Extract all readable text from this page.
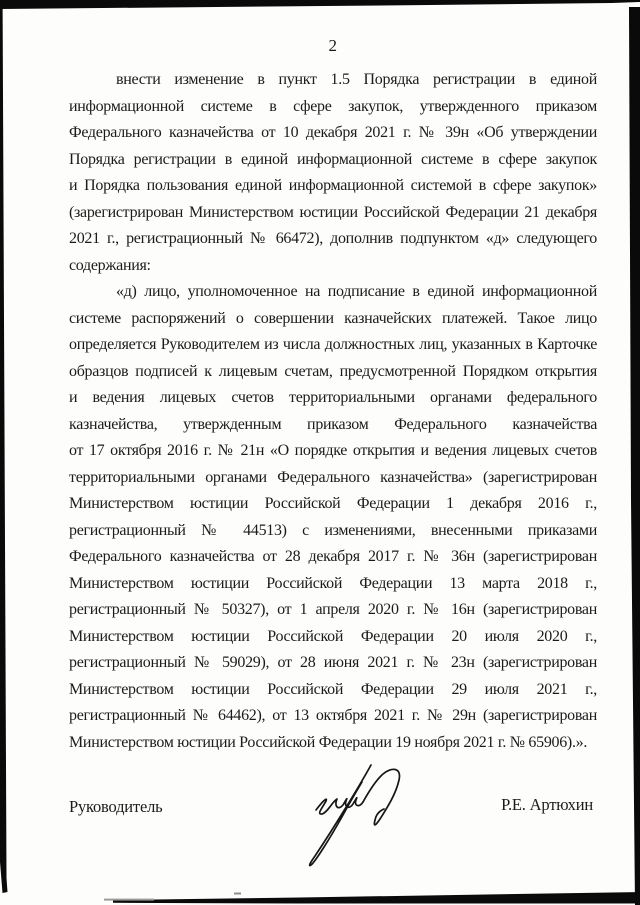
2
внести изменение в пункт 1.5 Порядка регистрации в единой
информационной системе в сфере закупок, утвержденного приказом
Федерального казначейства от 10 декабря 2021 г. № 39н «Об утверждении
Порядка регистрации в единой информационной системе в сфере закупок
и Порядка пользования единой информационной системой в сфере закупок»
(зарегистрирован Министерством юстиции Российской Федерации 21 декабря
2021 г., регистрационный № 66472), дополнив подпунктом «д» следующего
содержания:
«д) лицо, уполномоченное на подписание в единой информационной
системе распоряжений о совершении казначейских платежей. Такое лицо
определяется Руководителем из числа должностных лиц, указанных в Карточке
образцов подписей к лицевым счетам, предусмотренной Порядком открытия
и ведения лицевых счетов территориальными органами федерального
казначейства, утвержденным приказом Федерального казначейства
от 17 октября 2016 г. № 21н «О порядке открытия и ведения лицевых счетов
территориальными органами Федерального казначейства» (зарегистрирован
Министерством юстиции Российской Федерации 1 декабря 2016 г.,
регистрационный № 44513) с изменениями, внесенными приказами
Федерального казначейства от 28 декабря 2017 г. № 36н (зарегистрирован
Министерством юстиции Российской Федерации 13 марта 2018 г.,
регистрационный № 50327), от 1 апреля 2020 г. № 16н (зарегистрирован
Министерством юстиции Российской Федерации 20 июля 2020 г.,
регистрационный № 59029), от 28 июня 2021 г. № 23н (зарегистрирован
Министерством юстиции Российской Федерации 29 июля 2021 г.,
регистрационный № 64462), от 13 октября 2021 г. № 29н (зарегистрирован
Министерством юстиции Российской Федерации 19 ноября 2021 г. № 65906).».
Руководитель	Р.Е. Артюхин
